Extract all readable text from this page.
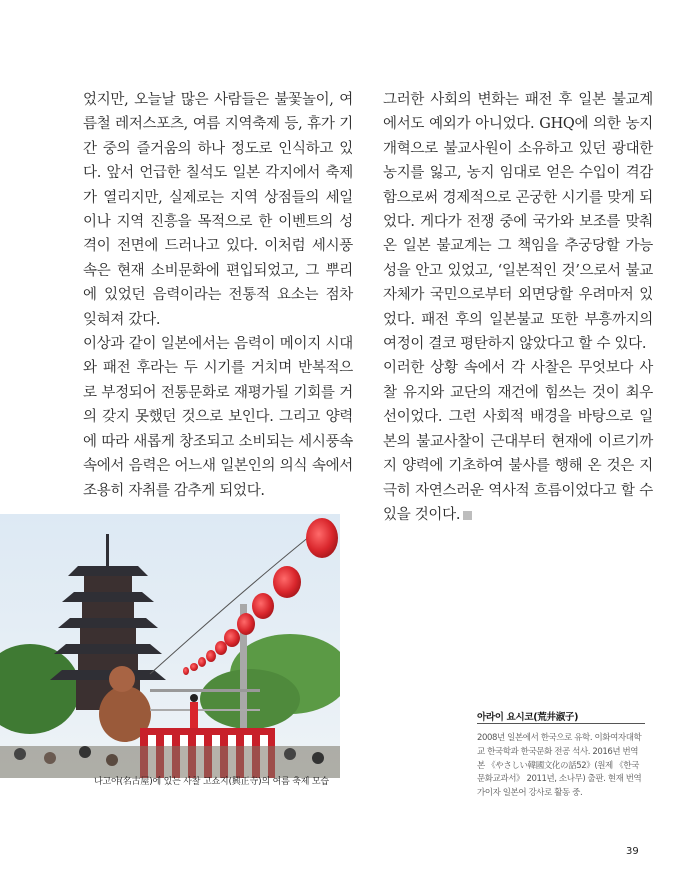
었지만, 오늘날 많은 사람들은 불꽃놀이, 여름철 레저스포츠, 여름 지역축제 등, 휴가 기간 중의 즐거움의 하나 정도로 인식하고 있다. 앞서 언급한 칠석도 일본 각지에서 축제가 열리지만, 실제로는 지역 상점들의 세일이나 지역 진흥을 목적으로 한 이벤트의 성격이 전면에 드러나고 있다. 이처럼 세시풍속은 현재 소비문화에 편입되었고, 그 뿌리에 있었던 음력이라는 전통적 요소는 점차 잊혀져 갔다.

이상과 같이 일본에서는 음력이 메이지 시대와 패전 후라는 두 시기를 거치며 반복적으로 부정되어 전통문화로 재평가될 기회를 거의 갖지 못했던 것으로 보인다. 그리고 양력에 따라 새롭게 창조되고 소비되는 세시풍속 속에서 음력은 어느새 일본인의 의식 속에서 조용히 자취를 감추게 되었다.

그러한 사회의 변화는 패전 후 일본 불교계에서도 예외가 아니었다. GHQ에 의한 농지개혁으로 불교사원이 소유하고 있던 광대한 농지를 잃고, 농지 임대로 얻은 수입이 격감함으로써 경제적으로 곤궁한 시기를 맞게 되었다. 게다가 전쟁 중에 국가와 보조를 맞춰 온 일본 불교계는 그 책임을 추궁당할 가능성을 안고 있었고, ‘일본적인 것’으로서 불교 자체가 국민으로부터 외면당할 우려마저 있었다. 패전 후의 일본불교 또한 부흥까지의 여정이 결코 평탄하지 않았다고 할 수 있다.

이러한 상황 속에서 각 사찰은 무엇보다 사찰 유지와 교단의 재건에 힘쓰는 것이 최우선이었다. 그런 사회적 배경을 바탕으로 일본의 불교사찰이 근대부터 현재에 이르기까지 양력에 기초하여 불사를 행해 온 것은 지극히 자연스러운 역사적 흐름이었다고 할 수 있을 것이다.

나고야(名古屋)에 있는 사찰 고쇼지(興正寺)의 여름 축제 모습
아라이 요시코(荒井淑子)
2008년 일본에서 한국으로 유학. 이화여자대학교 한국학과 한국문화 전공 석사. 2016년 번역본 《やさしい韓國文化の話52》(원제 《한국문화교과서》 2011년, 소나무) 출판. 현재 번역가이자 일본어 강사로 활동 중.
39
